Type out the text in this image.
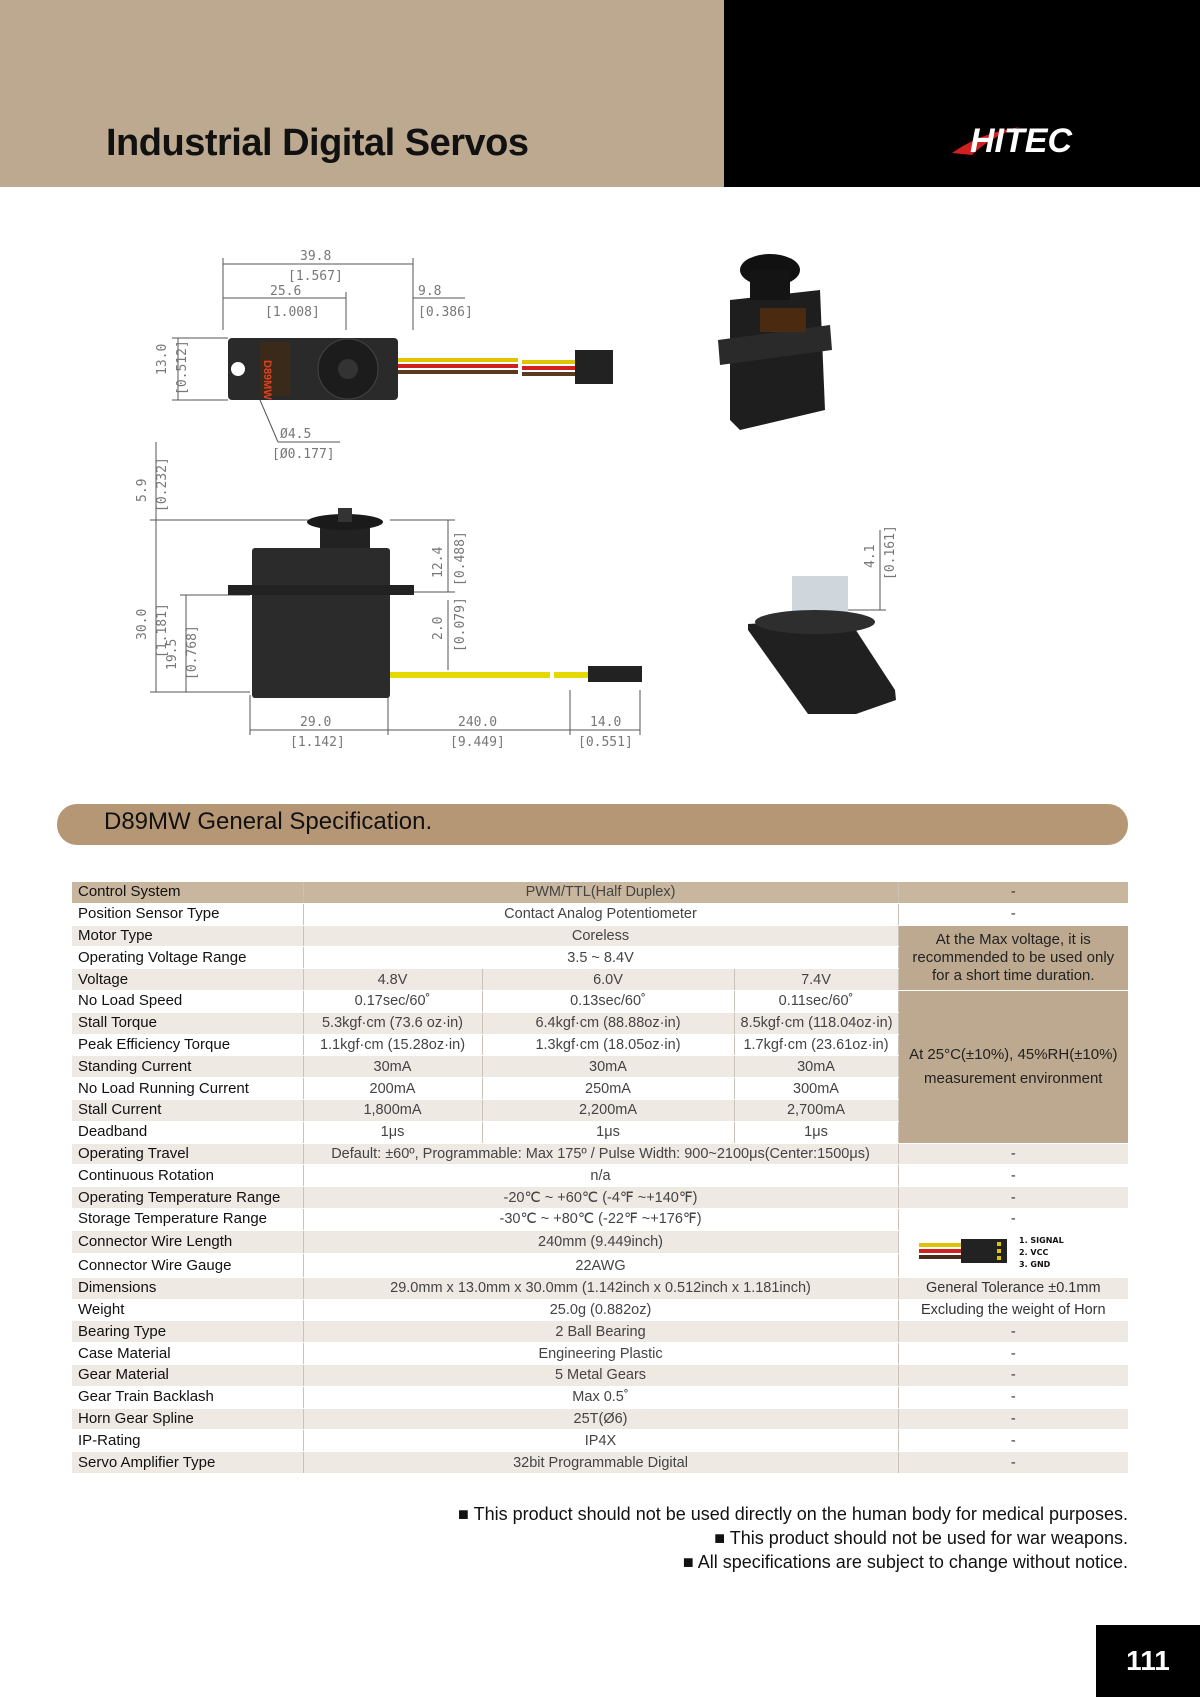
Industrial Digital Servos	HITEC
39.8
[1.567]
25.6
[1.008]
9.8
[0.386]
13.0 [0.512]
Ø4.5
[Ø0.177]
5.9 [0.232]
12.4 [0.488]
30.0 [1.181]
19.5 [0.768]	2.0 [0.079]
29.0
[1.142]
240.0
[9.449]
14.0
[0.551]
4.1 [0.161]
D89MW
D89MW General Specification.
Control System	PWM/TTL(Half Duplex)			-
Position Sensor Type	Contact Analog Potentiometer			-
Motor Type	Coreless			At the Max voltage, it is recommended to be used only for a short time duration.
Operating Voltage Range	3.5 ~ 8.4V			
Voltage	4.8V	6.0V	7.4V	
No Load Speed	0.17sec/60˚	0.13sec/60˚	0.11sec/60˚	At 25°C(±10%), 45%RH(±10%)
measurement environment

Stall Torque	5.3kgf·cm (73.6 oz·in)	6.4kgf·cm (88.88oz·in)	8.5kgf·cm (118.04oz·in)	
Peak Efficiency Torque	1.1kgf·cm (15.28oz·in)	1.3kgf·cm (18.05oz·in)	1.7kgf·cm (23.61oz·in)	
Standing Current	30mA	30mA	30mA	
No Load Running Current	200mA	250mA	300mA	
Stall Current	1,800mA	2,200mA	2,700mA	
Deadband	1μs	1μs	1μs	
Operating Travel	Default: ±60º, Programmable: Max 175º / Pulse Width: 900~2100μs(Center:1500μs)			-
Continuous Rotation	n/a			-
Operating Temperature Range	-20℃ ~ +60℃ (-4℉ ~+140℉)			-
Storage Temperature Range	-30℃ ~ +80℃ (-22℉ ~+176℉)			-
Connector Wire Length	240mm (9.449inch)			1. SIGNAL
2. VCC
3. GND

Connector Wire Gauge	22AWG			
Dimensions	29.0mm x 13.0mm x 30.0mm (1.142inch x 0.512inch x 1.181inch)			General Tolerance ±0.1mm
Weight	25.0g (0.882oz)			Excluding the weight of Horn
Bearing Type	2 Ball Bearing			-
Case Material	Engineering Plastic			-
Gear Material	5 Metal Gears			-
Gear Train Backlash	Max 0.5˚			-
Horn Gear Spline	25T(Ø6)			-
IP-Rating	IP4X			-
Servo Amplifier Type	32bit Programmable Digital			-
■ This product should not be used directly on the human body for medical purposes.
■ This product should not be used for war weapons.
■ All specifications are subject to change without notice.
111
